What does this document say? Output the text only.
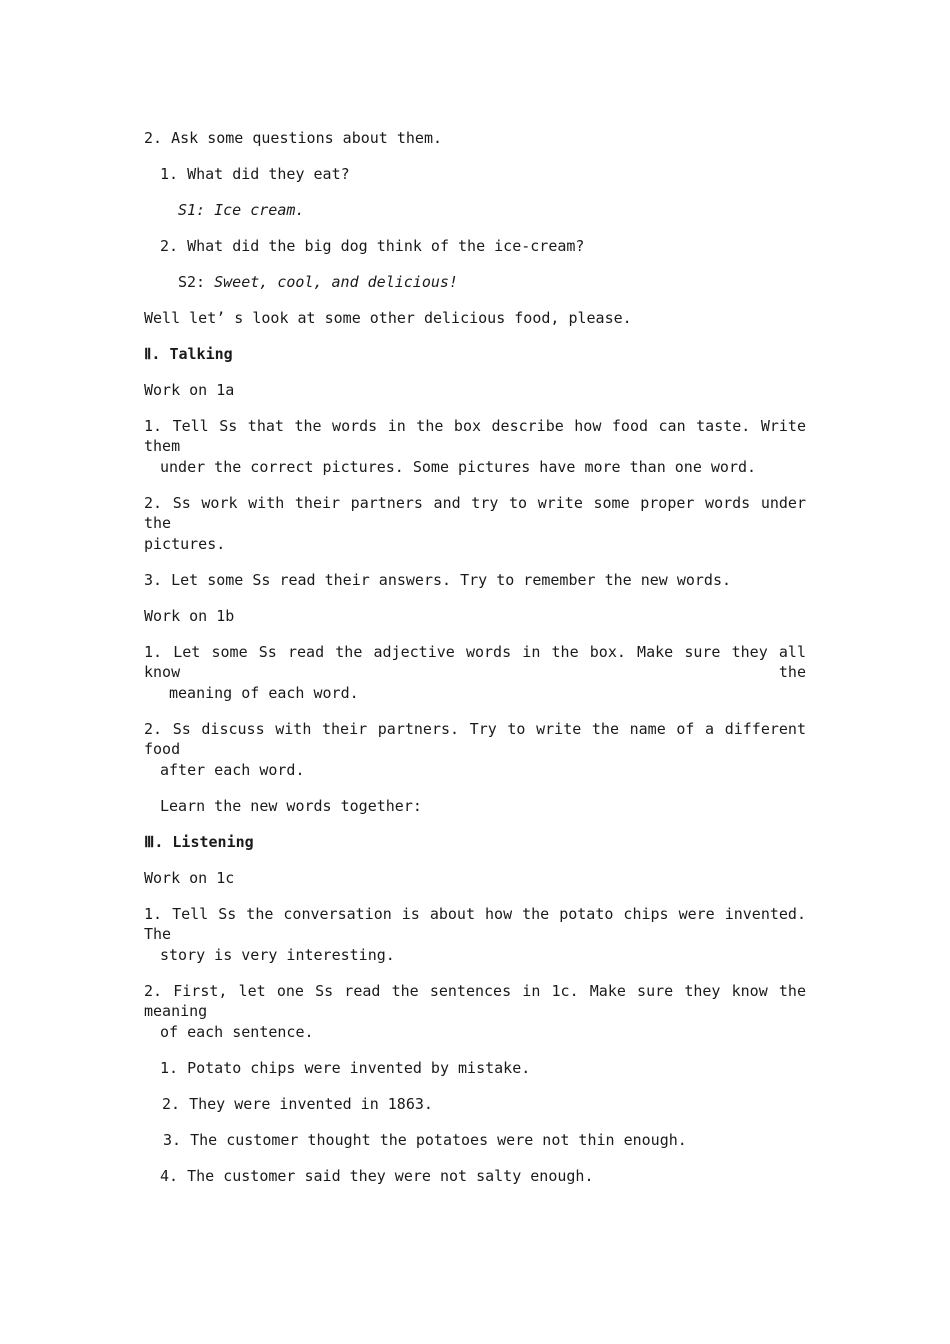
2. Ask some questions about them.
1. What did they eat?
S1: Ice cream.
2. What did the big dog think of the ice-cream?
S2: Sweet, cool, and delicious!
Well let’ s look at some other delicious food, please.
Ⅱ. Talking
Work on 1a
1. Tell Ss that the words in the box describe how food can taste. Write them
under the correct pictures. Some pictures have more than one word.
2. Ss work with their partners and try to write some proper words under the
pictures.
3. Let some Ss read their answers. Try to remember the new words.
Work on 1b
1. Let some Ss read the adjective words in the box. Make sure they all know the
meaning of each word.
2. Ss discuss with their partners. Try to write the name of a different food
after each word.
Learn the new words together:
Ⅲ. Listening
Work on 1c
1. Tell Ss the conversation is about how the potato chips were invented. The
story is very interesting.
2. First, let one Ss read the sentences in 1c. Make sure they know the meaning
of each sentence.
1. Potato chips were invented by mistake.
2. They were invented in 1863.
3. The customer thought the potatoes were not thin enough.
4. The customer said they were not salty enough.
